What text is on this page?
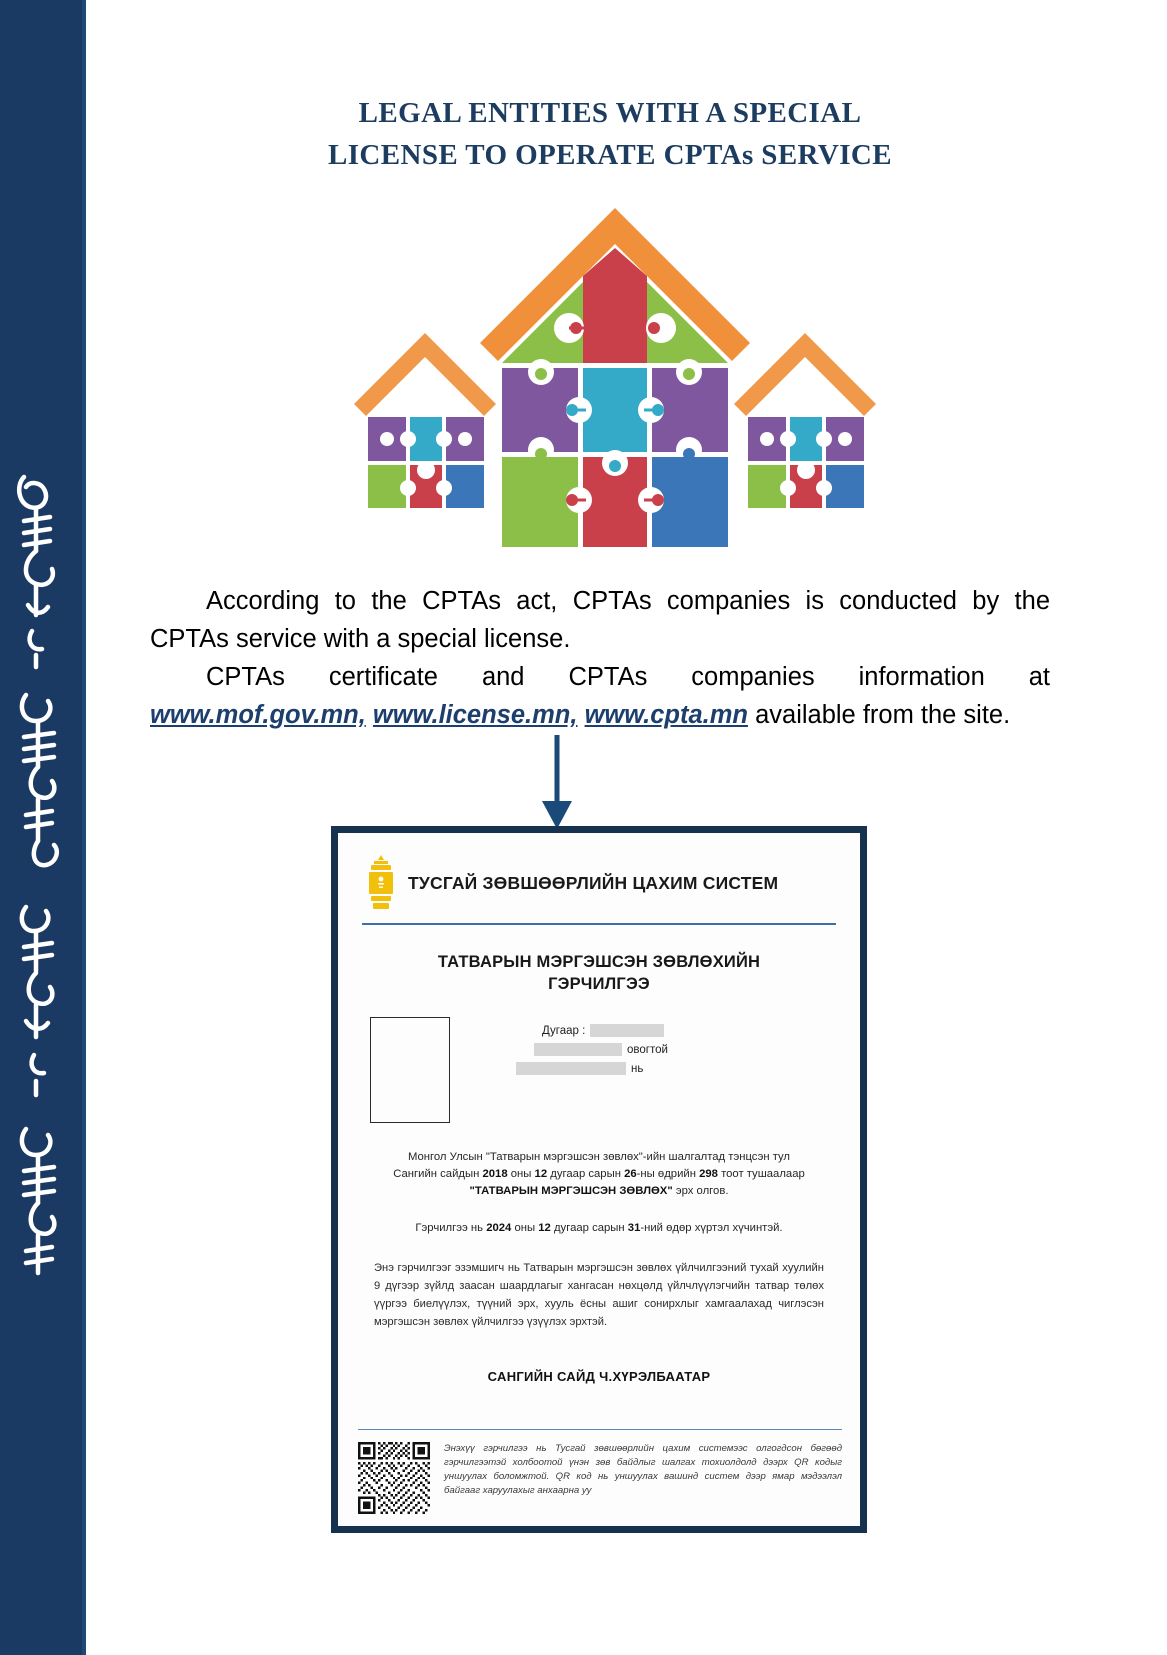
LEGAL ENTITIES WITH A SPECIAL
LICENSE TO OPERATE CPTAs SERVICE

According to the CPTAs act, CPTAs companies is conducted by the CPTAs service with a special license.

CPTAs certificate and CPTAs companies information at www.mof.gov.mn, www.license.mn, www.cpta.mn available from the site.

ТУСГАЙ ЗӨВШӨӨРЛИЙН ЦАХИМ СИСТЕМ
ТАТВАРЫН МЭРГЭШСЭН ЗӨВЛӨХИЙН
ГЭРЧИЛГЭЭ
Дугаар :
овогтой
нь
Монгол Улсын "Татварын мэргэшсэн зөвлөх"-ийн шалгалтад тэнцсэн тул
Сангийн сайдын 2018 оны 12 дугаар сарын 26-ны өдрийн 298 тоот тушаалаар
"ТАТВАРЫН МЭРГЭШСЭН ЗӨВЛӨХ" эрх олгов.
Гэрчилгээ нь 2024 оны 12 дугаар сарын 31-ний өдөр хүртэл хүчинтэй.
Энэ гэрчилгээг эзэмшигч нь Татварын мэргэшсэн зөвлөх үйлчилгээний тухай хуулийн 9 дүгээр зүйлд заасан шаардлагыг хангасан нөхцөлд үйлчлүүлэгчийн татвар төлөх үүргээ биелүүлэх, түүний эрх, хууль ёсны ашиг сонирхлыг хамгаалахад чиглэсэн мэргэшсэн зөвлөх үйлчилгээ үзүүлэх эрхтэй.
САНГИЙН САЙД Ч.ХҮРЭЛБААТАР
Энэхүү гэрчилгээ нь Тусгай зөвшөөрлийн цахим системээс олгогдсон бөгөөд гэрчилгээтэй холбоотой үнэн зөв байдлыг шалгах тохиолдолд дээрх QR кодыг уншуулах боломжтой. QR код нь уншуулах вашинд систем дээр ямар мэдээлэл байгааг харуулахыг анхаарна уу
